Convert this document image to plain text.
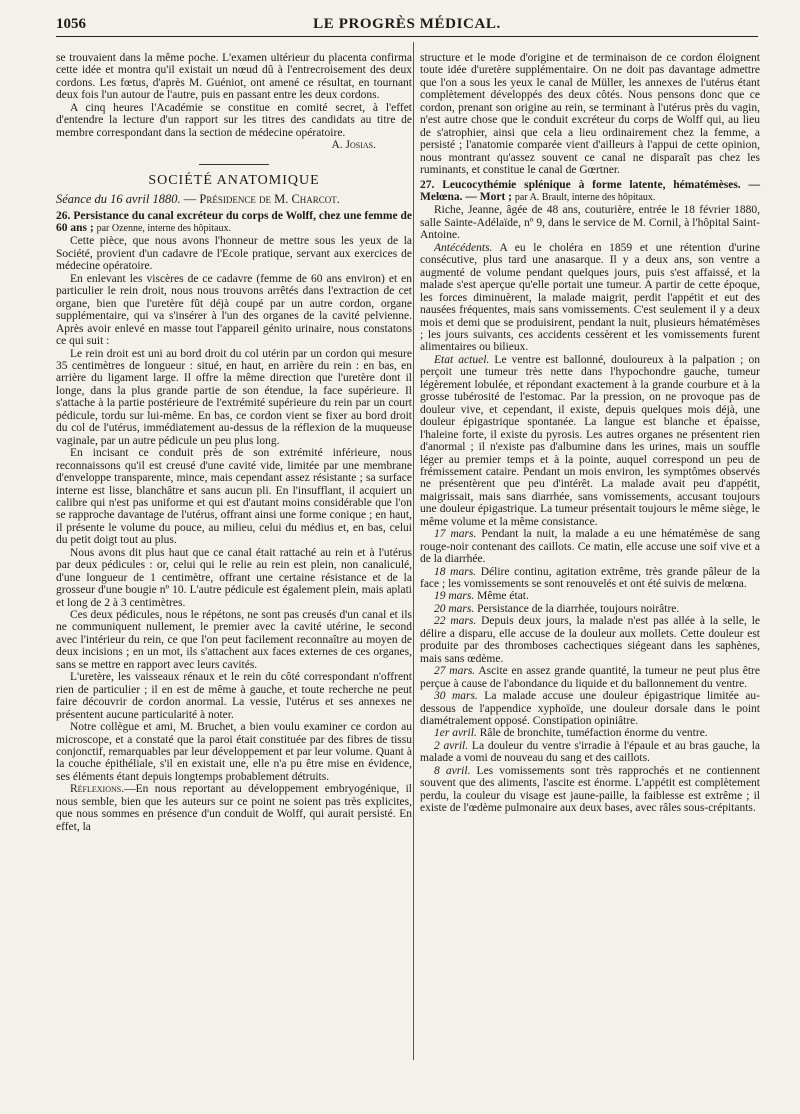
1056	LE PROGRÈS MÉDICAL.

se trouvaient dans la même poche. L'examen ultérieur du placenta confirma cette idée et montra qu'il existait un nœud dû à l'entrecroisement des deux cordons. Les fœtus, d'après M. Guéniot, ont amené ce résultat, en tournant deux fois l'un autour de l'autre, puis en passant entre les deux cordons.

A cinq heures l'Académie se constitue en comité secret, à l'effet d'entendre la lecture d'un rapport sur les titres des candidats au titre de membre correspondant dans la section de médecine opératoire.

A. Josias.

SOCIÉTÉ ANATOMIQUE

Séance du 16 avril 1880. — Présidence de M. Charcot.

26. Persistance du canal excréteur du corps de Wolff, chez une femme de 60 ans ; par Ozenne, interne des hôpitaux.

Cette pièce, que nous avons l'honneur de mettre sous les yeux de la Société, provient d'un cadavre de l'Ecole pratique, servant aux exercices de médecine opératoire.

En enlevant les viscères de ce cadavre (femme de 60 ans environ) et en particulier le rein droit, nous nous trouvons arrêtés dans l'extraction de cet organe, bien que l'uretère fût déjà coupé par un autre cordon, organe supplémentaire, qui va s'insérer à l'un des organes de la cavité pelvienne. Après avoir enlevé en masse tout l'appareil génito urinaire, nous constatons ce qui suit :

Le rein droit est uni au bord droit du col utérin par un cordon qui mesure 35 centimètres de longueur : situé, en haut, en arrière du rein : en bas, en arrière du ligament large. Il offre la même direction que l'uretère dont il longe, dans la plus grande partie de son étendue, la face supérieure. Il s'attache à la partie postérieure de l'extrémité supérieure du rein par un court pédicule, tordu sur lui-même. En bas, ce cordon vient se fixer au bord droit du col de l'utérus, immédiatement au-dessus de la réflexion de la muqueuse vaginale, par un autre pédicule un peu plus long.

En incisant ce conduit près de son extrémité inférieure, nous reconnaissons qu'il est creusé d'une cavité vide, limitée par une membrane d'enveloppe transparente, mince, mais cependant assez résistante ; sa surface interne est lisse, blanchâtre et sans aucun pli. En l'insufflant, il acquiert un calibre qui n'est pas uniforme et qui est d'autant moins considérable que l'on se rapproche davantage de l'utérus, offrant ainsi une forme conique ; en haut, il présente le volume du pouce, au milieu, celui du médius et, en bas, celui du petit doigt tout au plus.

Nous avons dit plus haut que ce canal était rattaché au rein et à l'utérus par deux pédicules : or, celui qui le relie au rein est plein, non canaliculé, d'une longueur de 1 centimètre, offrant une certaine résistance et de la grosseur d'une bougie nº 10. L'autre pédicule est également plein, mais aplati et long de 2 à 3 centimètres.

Ces deux pédicules, nous le répétons, ne sont pas creusés d'un canal et ils ne communiquent nullement, le premier avec la cavité utérine, le second avec l'intérieur du rein, ce que l'on peut facilement reconnaître au moyen de deux incisions ; en un mot, ils s'attachent aux faces externes de ces organes, sans se mettre en rapport avec leurs cavités.

L'uretère, les vaisseaux rénaux et le rein du côté correspondant n'offrent rien de particulier ; il en est de même à gauche, et toute recherche ne peut faire découvrir de cordon anormal. La vessie, l'utérus et ses annexes ne présentent aucune particularité à noter.

Notre collègue et ami, M. Bruchet, a bien voulu examiner ce cordon au microscope, et a constaté que la paroi était constituée par des fibres de tissu conjonctif, remarquables par leur développement et par leur volume. Quant à la couche épithéliale, s'il en existait une, elle n'a pu être mise en évidence, ses éléments étant depuis longtemps probablement détruits.

Réflexions.—En nous reportant au développement embryogénique, il nous semble, bien que les auteurs sur ce point ne soient pas très explicites, que nous sommes en présence d'un conduit de Wolff, qui aurait persisté. En effet, la

structure et le mode d'origine et de terminaison de ce cordon éloignent toute idée d'uretère supplémentaire. On ne doit pas davantage admettre que l'on a sous les yeux le canal de Müller, les annexes de l'utérus étant complètement développés des deux côtés. Nous pensons donc que ce cordon, prenant son origine au rein, se terminant à l'utérus près du vagin, n'est autre chose que le conduit excréteur du corps de Wolff qui, au lieu de s'atrophier, ainsi que cela a lieu ordinairement chez la femme, a persisté ; l'anatomie comparée vient d'ailleurs à l'appui de cette opinion, nous montrant qu'assez souvent ce canal ne disparaît pas chez les ruminants, et constitue le canal de Gœrtner.

27. Leucocythémie splénique à forme latente, hématémèses. — Melœna. — Mort ; par A. Brault, interne des hôpitaux.

Riche, Jeanne, âgée de 48 ans, couturière, entrée le 18 février 1880, salle Sainte-Adélaïde, nº 9, dans le service de M. Cornil, à l'hôpital Saint-Antoine.

Antécédents. A eu le choléra en 1859 et une rétention d'urine consécutive, plus tard une anasarque. Il y a deux ans, son ventre a augmenté de volume pendant quelques jours, puis s'est affaissé, et la malade s'est aperçue qu'elle portait une tumeur. A partir de cette époque, les forces diminuèrent, la malade maigrit, perdit l'appétit et eut des nausées fréquentes, mais sans vomissements. C'est seulement il y a deux mois et demi que se produisirent, pendant la nuit, plusieurs hématémèses ; les jours suivants, ces accidents cessèrent et les vomissements furent alimentaires ou bilieux.

Etat actuel. Le ventre est ballonné, douloureux à la palpation ; on perçoit une tumeur très nette dans l'hypochondre gauche, tumeur légèrement lobulée, et répondant exactement à la grande courbure et à la grosse tubérosité de l'estomac. Par la pression, on ne provoque pas de douleur vive, et cependant, il existe, depuis quelques mois déjà, une douleur épigastrique spontanée. La langue est blanche et épaisse, l'haleine forte, il existe du pyrosis. Les autres organes ne présentent rien d'anormal ; il n'existe pas d'albumine dans les urines, mais un souffle léger au premier temps et à la pointe, auquel correspond un peu de frémissement cataire. Pendant un mois environ, les symptômes observés ne présentèrent que peu d'intérêt. La malade avait peu d'appétit, maigrissait, mais sans diarrhée, sans vomissements, accusant toujours une douleur épigastrique. La tumeur présentait toujours le même siège, le même volume et la même consistance.

17 mars. Pendant la nuit, la malade a eu une hématémèse de sang rouge-noir contenant des caillots. Ce matin, elle accuse une soif vive et a de la diarrhée.

18 mars. Délire continu, agitation extrême, très grande pâleur de la face ; les vomissements se sont renouvelés et ont été suivis de melœna.

19 mars. Même état.

20 mars. Persistance de la diarrhée, toujours noirâtre.

22 mars. Depuis deux jours, la malade n'est pas allée à la selle, le délire a disparu, elle accuse de la douleur aux mollets. Cette douleur est produite par des thromboses cachectiques siégeant dans les saphènes, mais sans œdème.

27 mars. Ascite en assez grande quantité, la tumeur ne peut plus être perçue à cause de l'abondance du liquide et du ballonnement du ventre.

30 mars. La malade accuse une douleur épigastrique limitée au-dessous de l'appendice xyphoïde, une douleur dorsale dans le point diamétralement opposé. Constipation opiniâtre.

1er avril. Râle de bronchite, tuméfaction énorme du ventre.

2 avril. La douleur du ventre s'irradie à l'épaule et au bras gauche, la malade a vomi de nouveau du sang et des caillots.

8 avril. Les vomissements sont très rapprochés et ne contiennent souvent que des aliments, l'ascite est énorme. L'appétit est complètement perdu, la couleur du visage est jaune-paille, la faiblesse est extrême ; il existe de l'œdème pulmonaire aux deux bases, avec râles sous-crépitants.
